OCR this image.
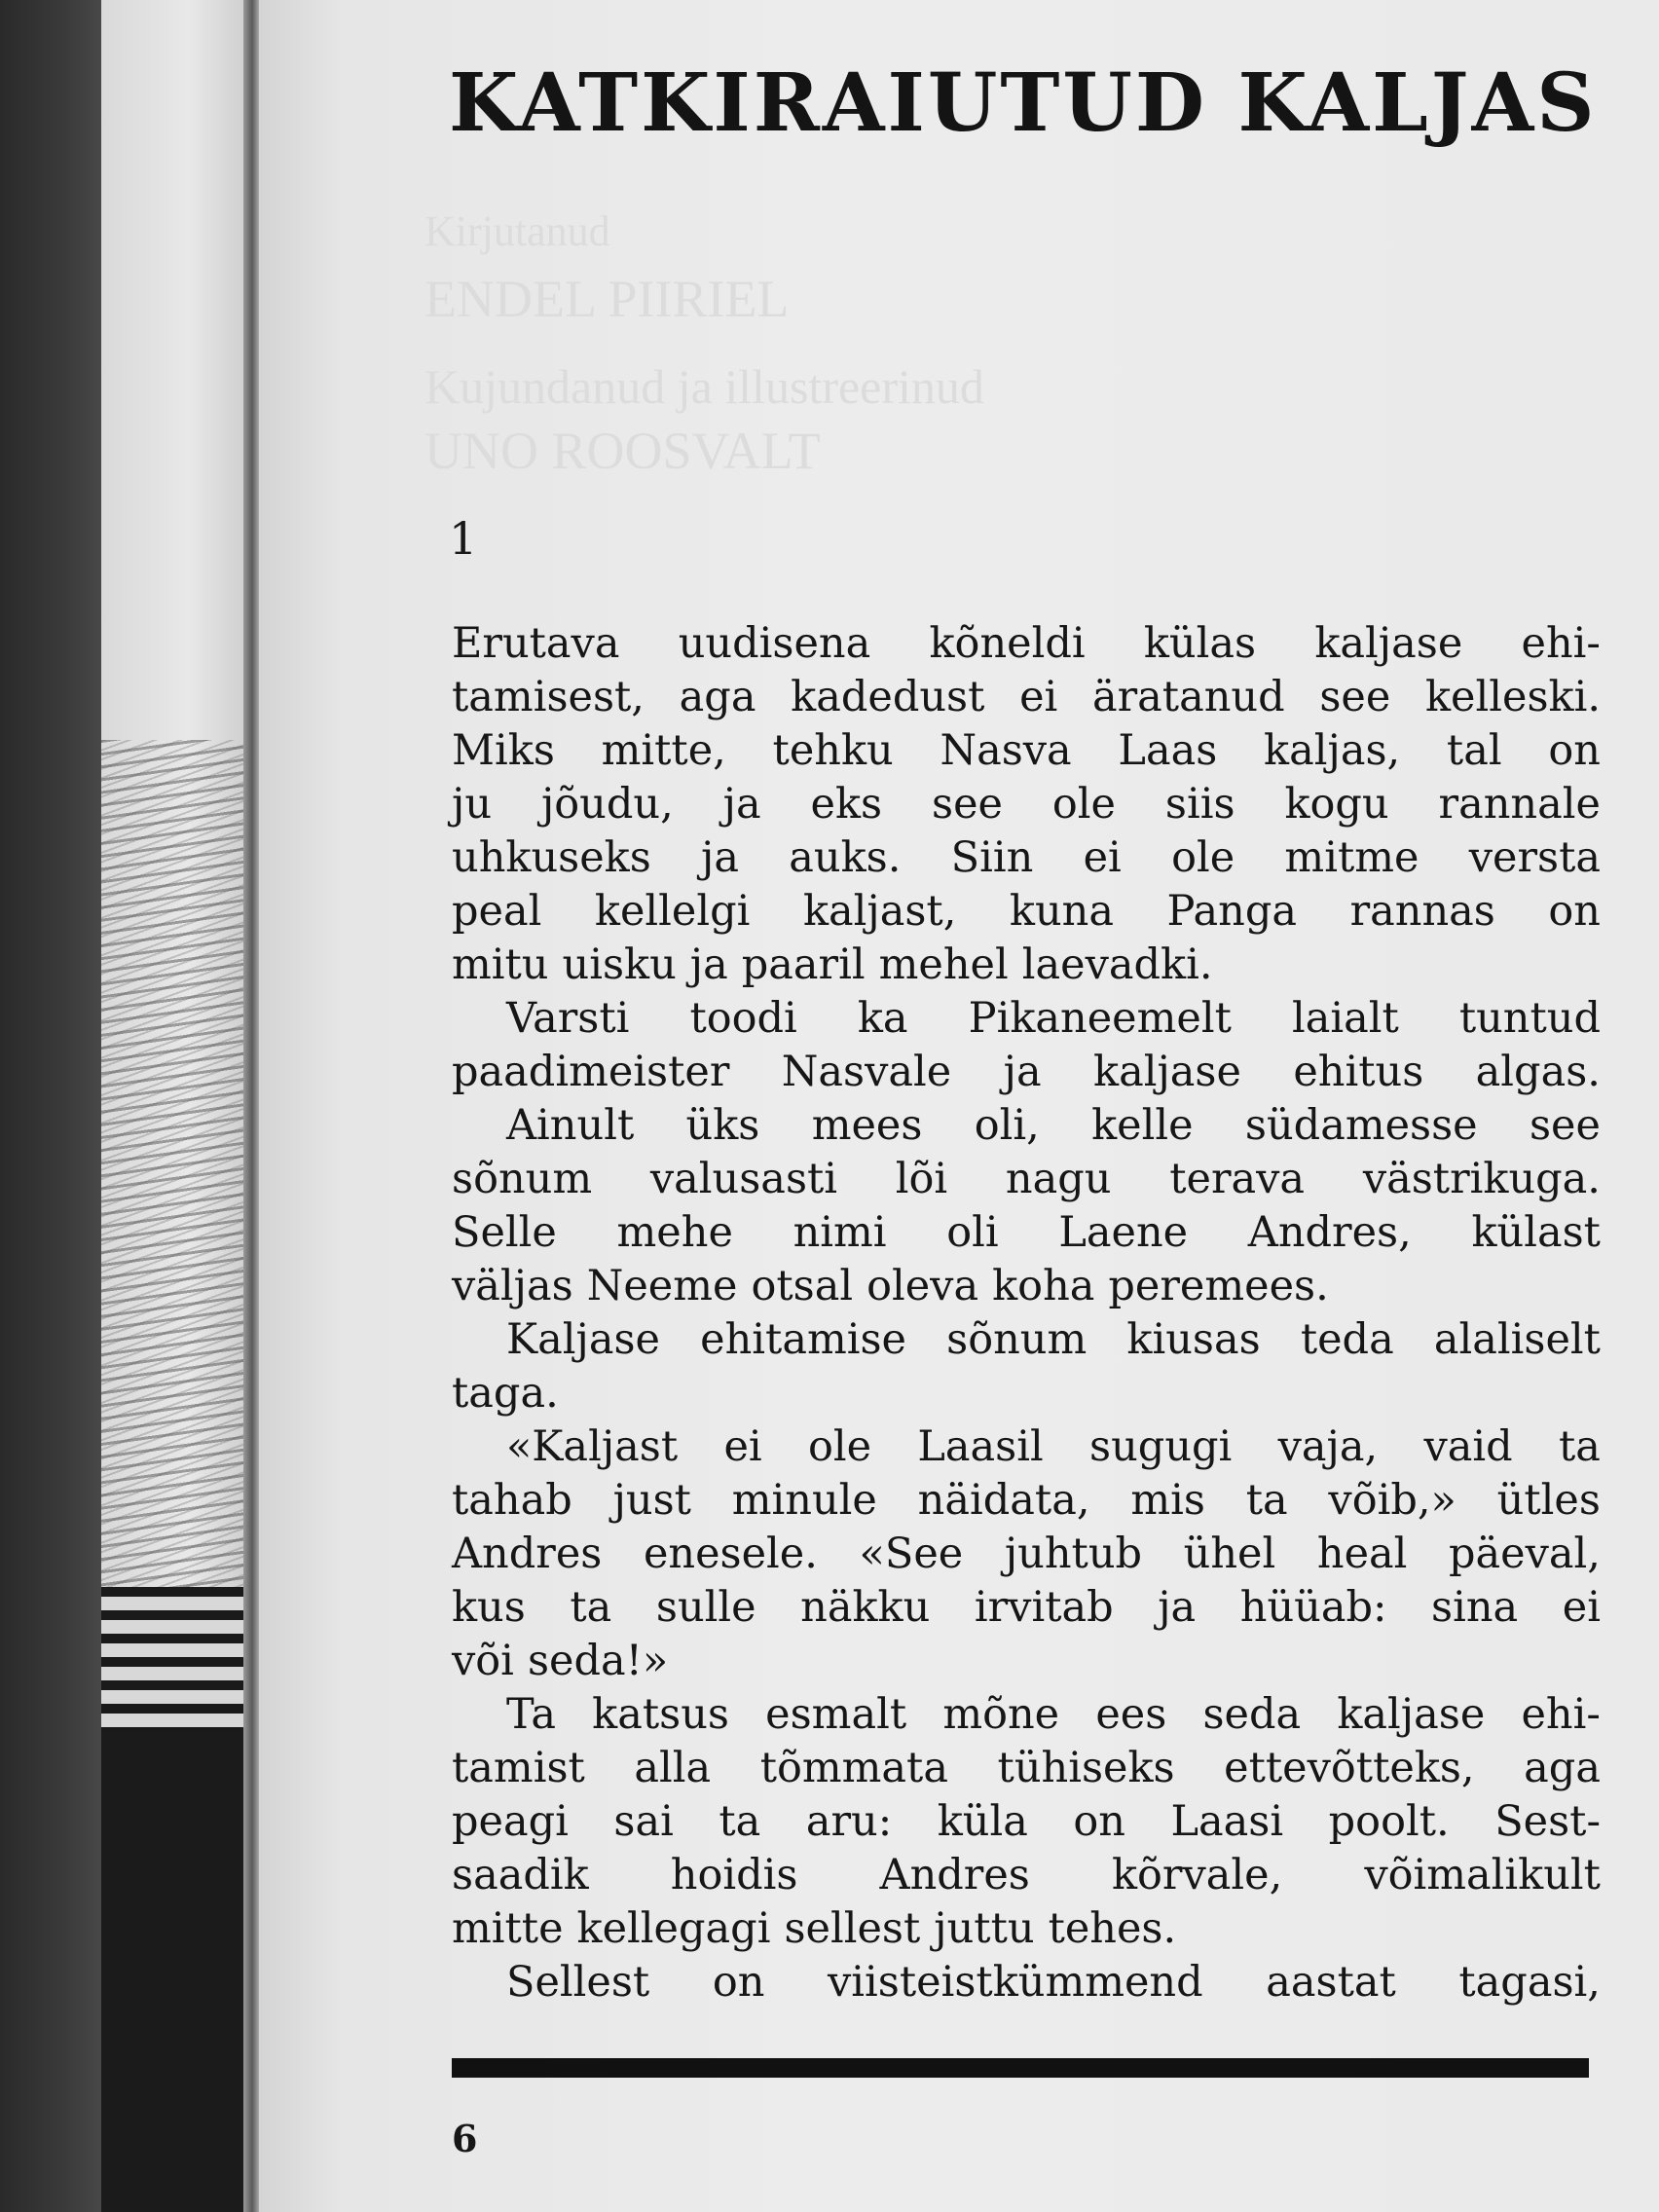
KATKIRAIUTUD KALJAS
Kirjutanud
ENDEL PIIRIEL
Kujundanud ja illustreerinud
UNO ROOSVALT
1
Erutava uudisena kõneldi külas kaljase ehi-
tamisest, aga kadedust ei äratanud see kelleski.
Miks mitte, tehku Nasva Laas kaljas, tal on
ju jõudu, ja eks see ole siis kogu rannale
uhkuseks ja auks. Siin ei ole mitme versta
peal kellelgi kaljast, kuna Panga rannas on
mitu uisku ja paaril mehel laevadki.
Varsti toodi ka Pikaneemelt laialt tuntud
paadimeister Nasvale ja kaljase ehitus algas.
Ainult üks mees oli, kelle südamesse see
sõnum valusasti lõi nagu terava västrikuga.
Selle mehe nimi oli Laene Andres, külast
väljas Neeme otsal oleva koha peremees.
Kaljase ehitamise sõnum kiusas teda alaliselt
taga.
«Kaljast ei ole Laasil sugugi vaja, vaid ta
tahab just minule näidata, mis ta võib,» ütles
Andres enesele. «See juhtub ühel heal päeval,
kus ta sulle näkku irvitab ja hüüab: sina ei
või seda!»
Ta katsus esmalt mõne ees seda kaljase ehi-
tamist alla tõmmata tühiseks ettevõtteks, aga
peagi sai ta aru: küla on Laasi poolt. Sest-
saadik hoidis Andres kõrvale, võimalikult
mitte kellegagi sellest juttu tehes.
Sellest on viisteistkümmend aastat tagasi,
6
